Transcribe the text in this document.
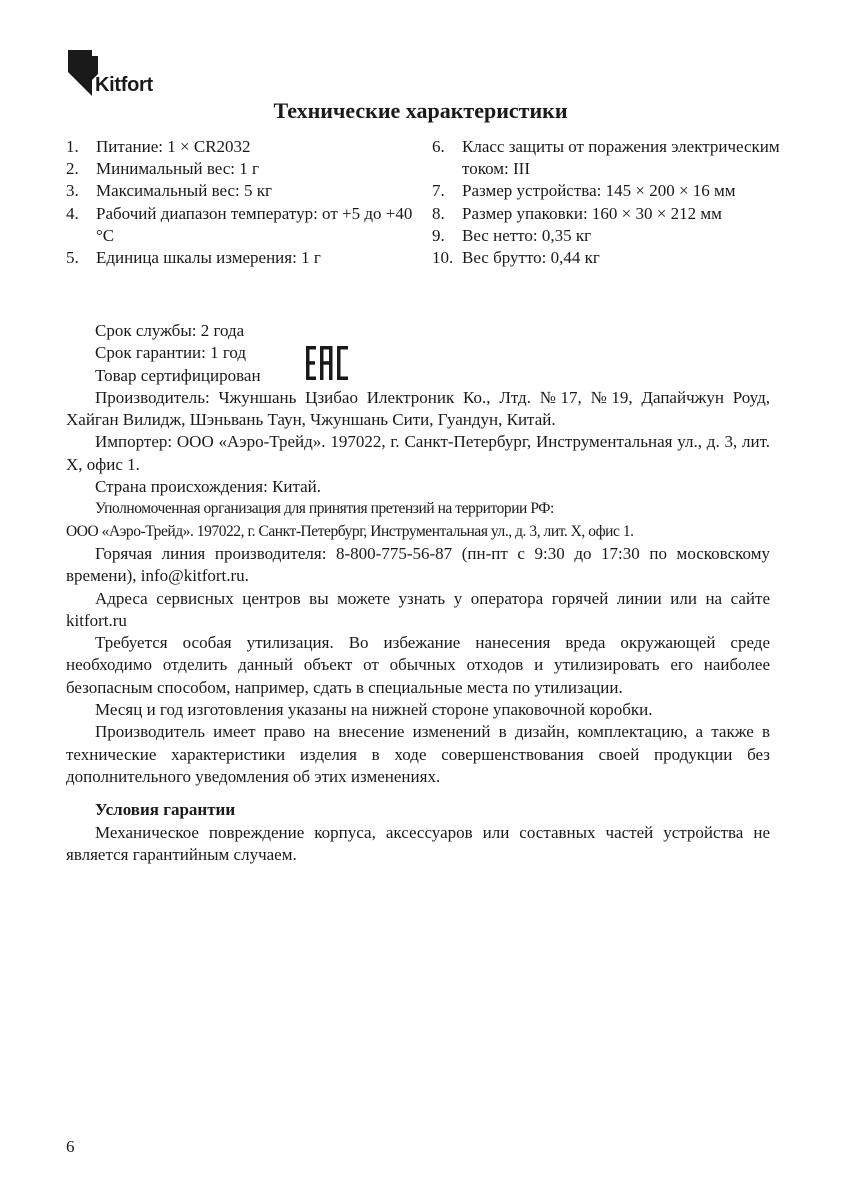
Kitfort
Технические характеристики
1. Питание: 1 × CR2032
2. Минимальный вес: 1 г
3. Максимальный вес: 5 кг
4. Рабочий диапазон температур: от +5 до +40 °C
5. Единица шкалы измерения: 1 г
6. Класс защиты от поражения электрическим током: III
7. Размер устройства: 145 × 200 × 16 мм
8. Размер упаковки: 160 × 30 × 212 мм
9. Вес нетто: 0,35 кг
10. Вес брутто: 0,44 кг

Срок службы: 2 года

Срок гарантии: 1 год

Товар сертифицирован

Производитель: Чжуншань Цзибао Илектроник Ко., Лтд. №17, №19, Дапайчжун Роуд, Хайган Вилидж, Шэньвань Таун, Чжуншань Сити, Гуандун, Китай.

Импортер: ООО «Аэро-Трейд». 197022, г. Санкт-Петербург, Инструментальная ул., д. 3, лит. Х, офис 1.

Страна происхождения: Китай.

Уполномоченная организация для принятия претензий на территории РФ:

ООО «Аэро-Трейд». 197022, г. Санкт-Петербург, Инструментальная ул., д. 3, лит. Х, офис 1.

Горячая линия производителя: 8-800-775-56-87 (пн-пт с 9:30 до 17:30 по московскому времени), info@kitfort.ru.

Адреса сервисных центров вы можете узнать у оператора горячей линии или на сайте kitfort.ru

Требуется особая утилизация. Во избежание нанесения вреда окружающей среде необходимо отделить данный объект от обычных отходов и утилизировать его наиболее безопасным способом, например, сдать в специальные места по утилизации.

Месяц и год изготовления указаны на нижней стороне упаковочной коробки.

Производитель имеет право на внесение изменений в дизайн, комплектацию, а также в технические характеристики изделия в ходе совершенствования своей продукции без дополнительного уведомления об этих изменениях.

Условия гарантии

Механическое повреждение корпуса, аксессуаров или составных частей устройства не является гарантийным случаем.

6
